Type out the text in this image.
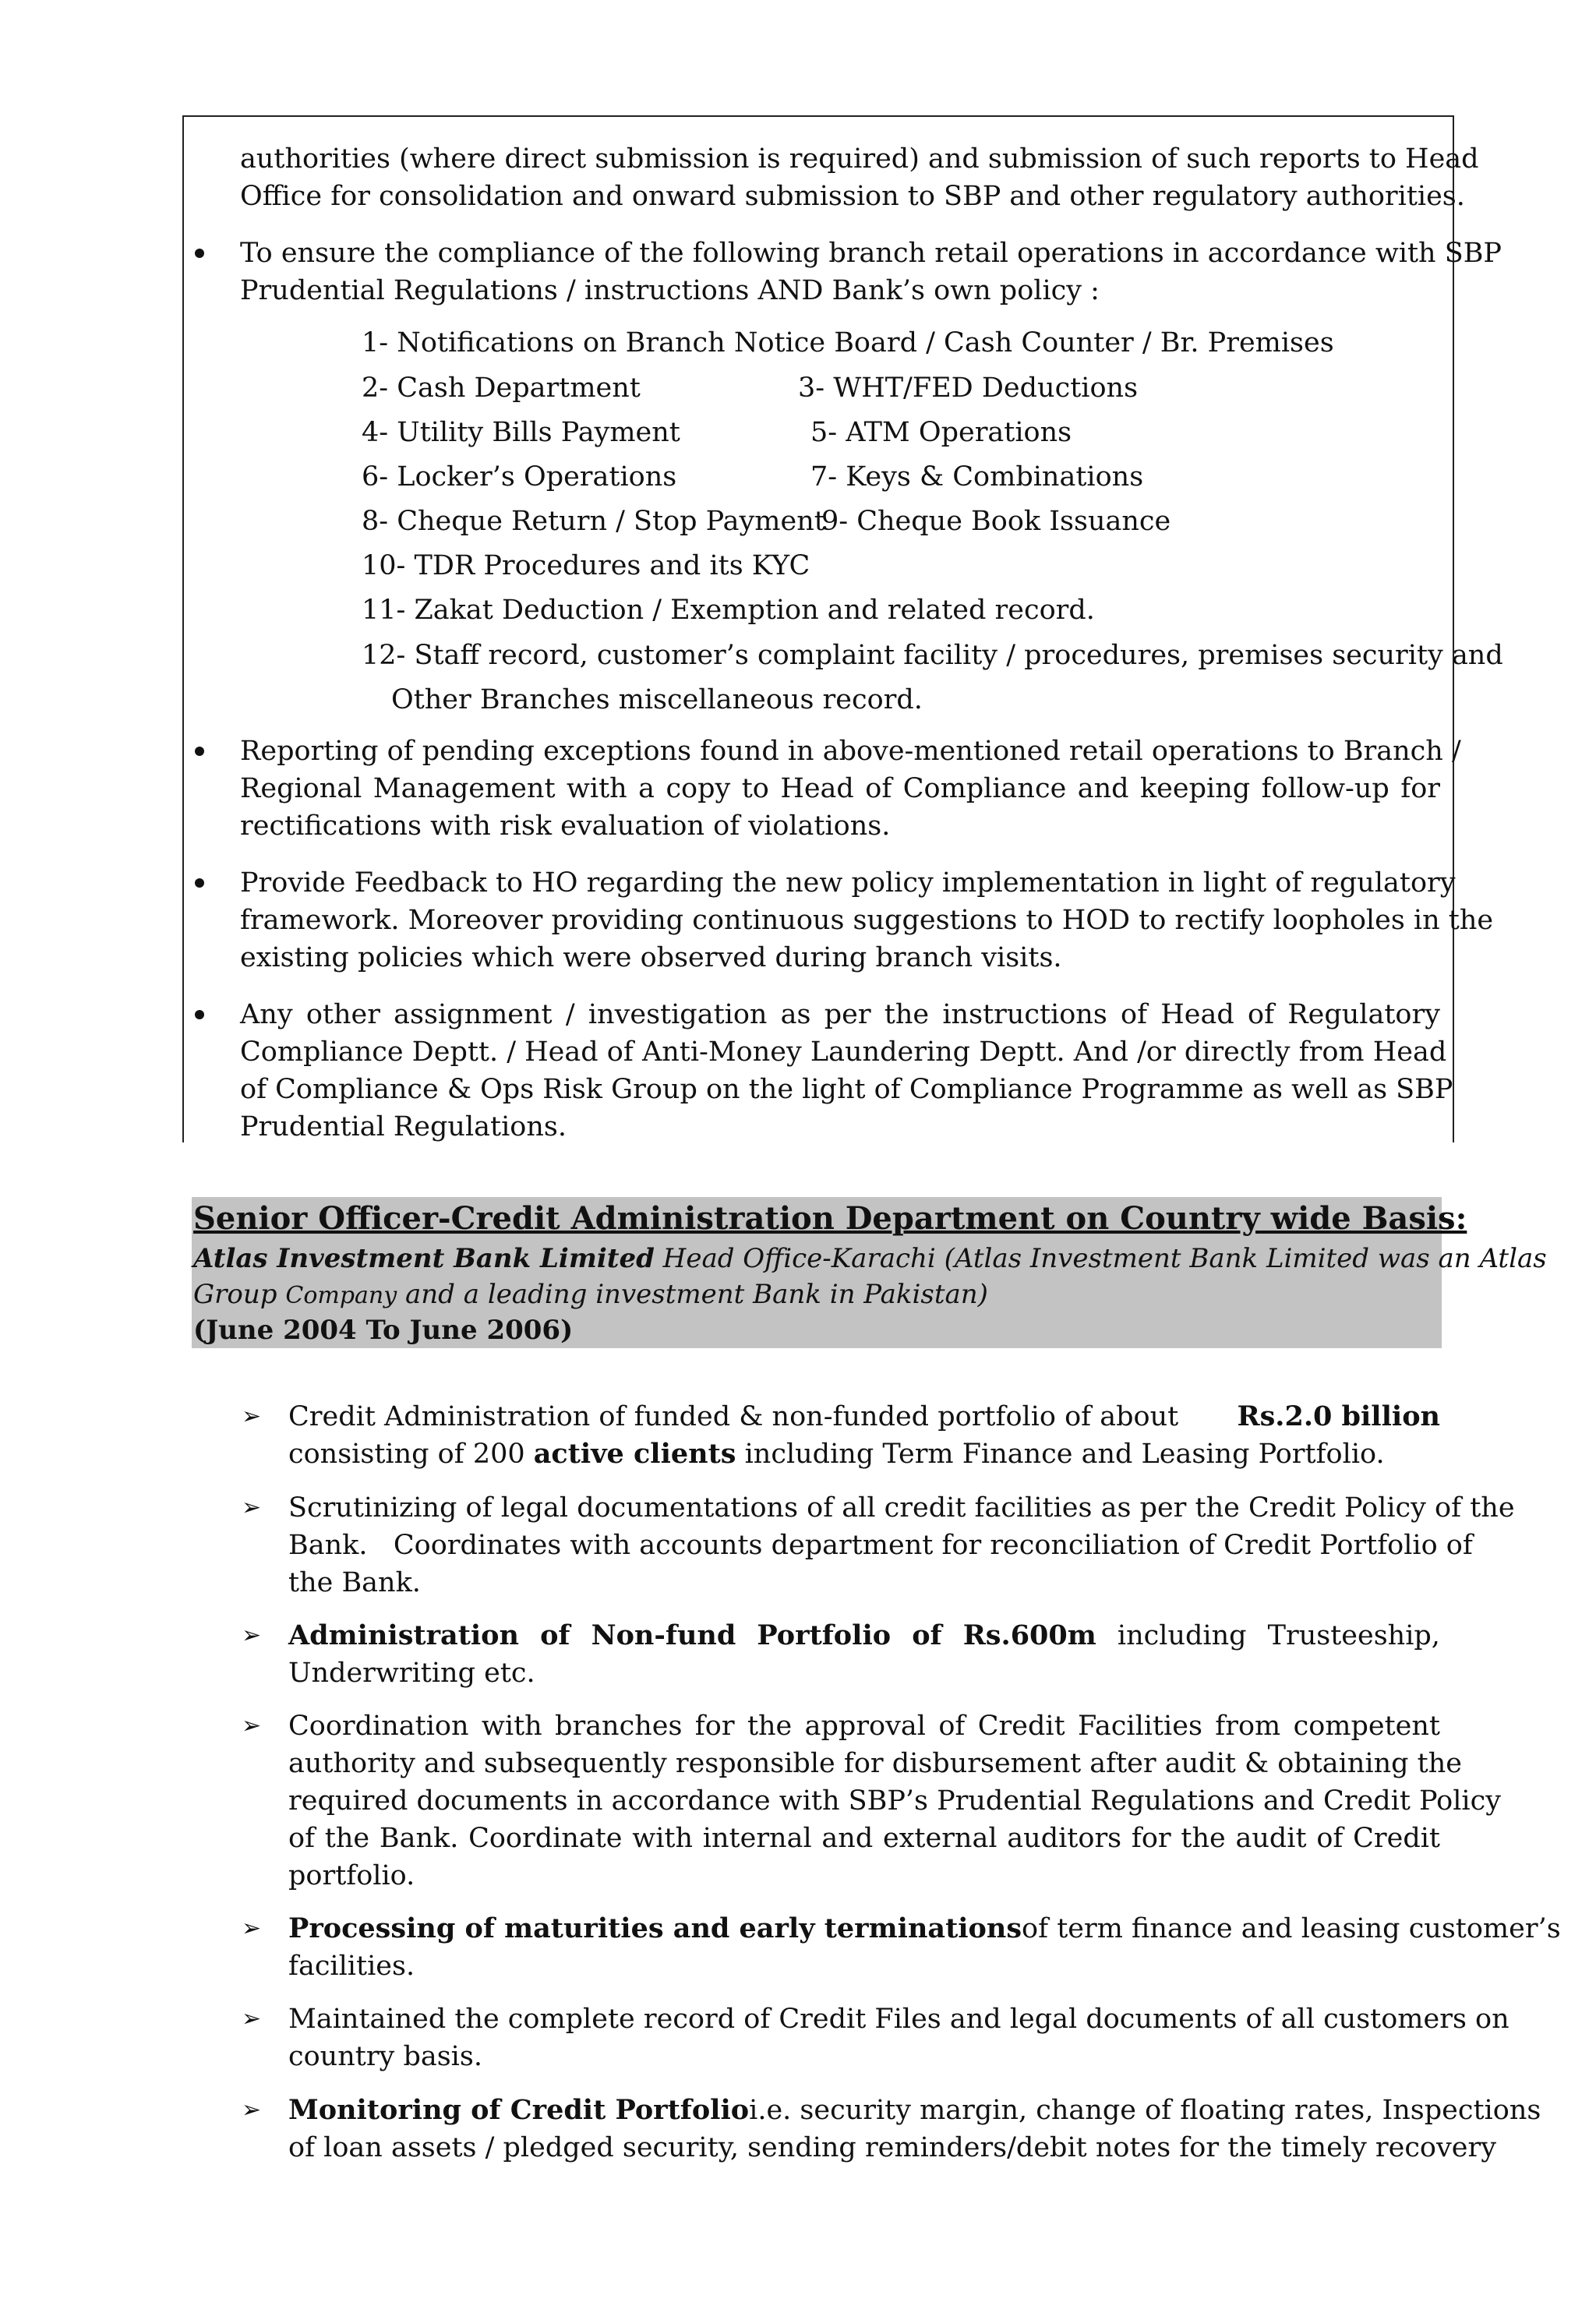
authorities (where direct submission is required) and submission of such reports to Head
Office for consolidation and onward submission to SBP and other regulatory authorities.
To ensure the compliance of the following branch retail operations in accordance with SBP
Prudential Regulations / instructions AND Bank’s own policy :
1- Notifications on Branch Notice Board / Cash Counter / Br. Premises
2- Cash Department	3- WHT/FED Deductions
4- Utility Bills Payment	5- ATM Operations
6- Locker’s Operations	7- Keys & Combinations
8- Cheque Return / Stop Payment
9- Cheque Book Issuance
10- TDR Procedures and its KYC
11- Zakat Deduction / Exemption and related record.
12- Staff record, customer’s complaint facility / procedures, premises security and
Other Branches miscellaneous record.
Reporting of pending exceptions found in above-mentioned retail operations to Branch /
Regional Management with a copy to Head of Compliance and keeping follow-up for
rectifications with risk evaluation of violations.
Provide Feedback to HO regarding the new policy implementation in light of regulatory
framework. Moreover providing continuous suggestions to HOD to rectify loopholes in the
existing policies which were observed during branch visits.
Any other assignment / investigation as per the instructions of Head of Regulatory
Compliance Deptt. / Head of Anti-Money Laundering Deptt. And /or directly from Head
of Compliance & Ops Risk Group on the light of Compliance Programme as well as SBP
Prudential Regulations.
Senior Officer-Credit Administration Department on Country wide Basis:
Atlas Investment Bank Limited Head Office-Karachi (Atlas Investment Bank Limited was an Atlas
Group Company and a leading investment Bank in Pakistan)
(June 2004 To June 2006)
➢ Credit Administration of funded & non-funded portfolio of about Rs.2.0 billion
consisting of 200 active clients including Term Finance and Leasing Portfolio.
➢ Scrutinizing of legal documentations of all credit facilities as per the Credit Policy of the
Bank.   Coordinates with accounts department for reconciliation of Credit Portfolio of
the Bank.
➢ Administration of Non-fund Portfolio of Rs.600m including Trusteeship,
Underwriting etc.
➢ Coordination with branches for the approval of Credit Facilities from competent
authority and subsequently responsible for disbursement after audit & obtaining the
required documents in accordance with SBP’s Prudential Regulations and Credit Policy
of the Bank. Coordinate with internal and external auditors for the audit of Credit
portfolio.
➢ Processing of maturities and early terminations of term finance and leasing customer’s
facilities.
➢ Maintained the complete record of Credit Files and legal documents of all customers on
country basis.
➢ Monitoring of Credit Portfolio i.e. security margin, change of floating rates, Inspections
of loan assets / pledged security, sending reminders/debit notes for the timely recovery
